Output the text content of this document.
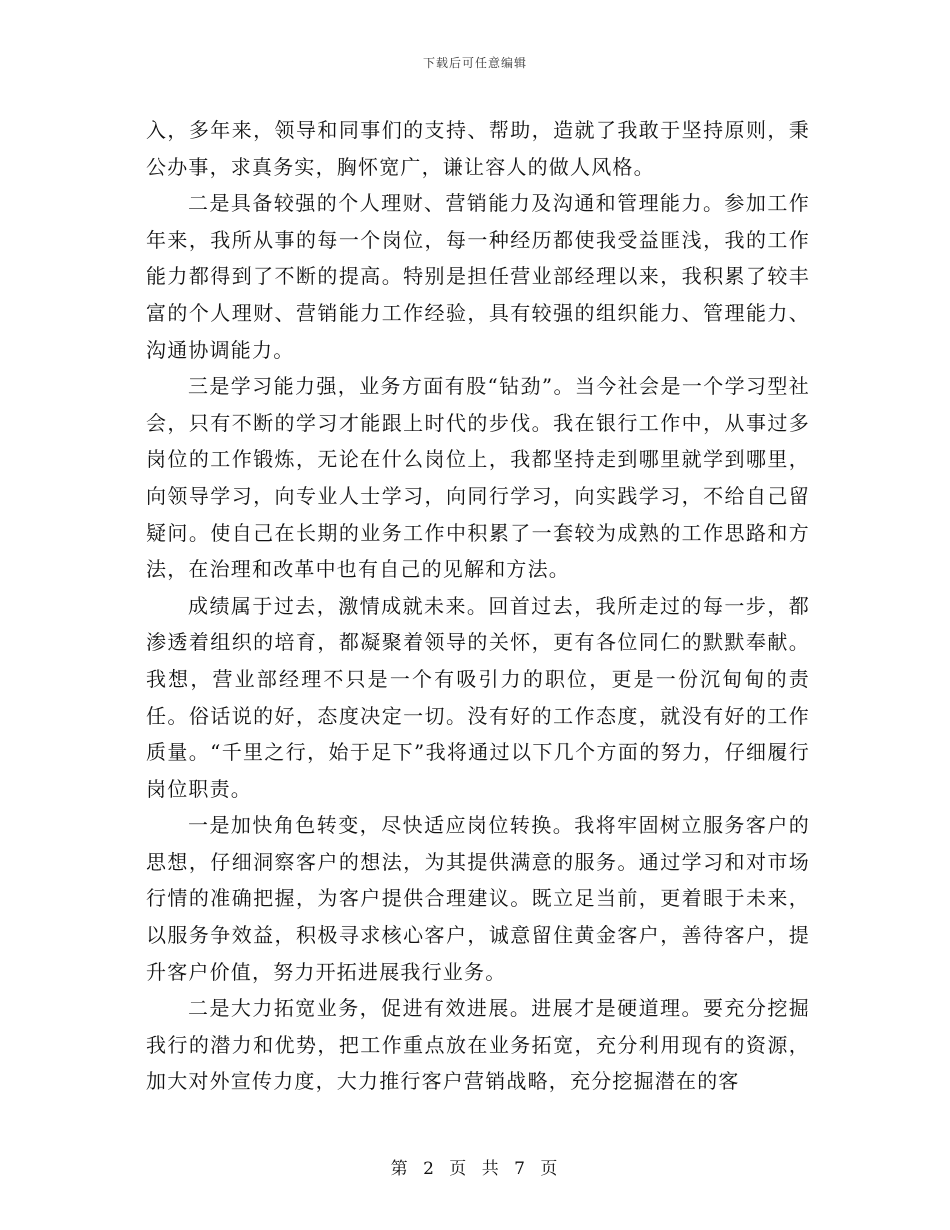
下载后可任意编辑

入，多年来，领导和同事们的支持、帮助，造就了我敢于坚持原则，秉公办事，求真务实，胸怀宽广，谦让容人的做人风格。

二是具备较强的个人理财、营销能力及沟通和管理能力。参加工作年来，我所从事的每一个岗位，每一种经历都使我受益匪浅，我的工作能力都得到了不断的提高。特别是担任营业部经理以来，我积累了较丰富的个人理财、营销能力工作经验，具有较强的组织能力、管理能力、沟通协调能力。

三是学习能力强，业务方面有股“钻劲”。当今社会是一个学习型社会，只有不断的学习才能跟上时代的步伐。我在银行工作中，从事过多岗位的工作锻炼，无论在什么岗位上，我都坚持走到哪里就学到哪里，向领导学习，向专业人士学习，向同行学习，向实践学习，不给自己留疑问。使自己在长期的业务工作中积累了一套较为成熟的工作思路和方法，在治理和改革中也有自己的见解和方法。

成绩属于过去，激情成就未来。回首过去，我所走过的每一步，都渗透着组织的培育，都凝聚着领导的关怀，更有各位同仁的默默奉献。我想，营业部经理不只是一个有吸引力的职位，更是一份沉甸甸的责任。俗话说的好，态度决定一切。没有好的工作态度，就没有好的工作质量。“千里之行，始于足下”我将通过以下几个方面的努力，仔细履行岗位职责。

一是加快角色转变，尽快适应岗位转换。我将牢固树立服务客户的思想，仔细洞察客户的想法，为其提供满意的服务。通过学习和对市场行情的准确把握，为客户提供合理建议。既立足当前，更着眼于未来，以服务争效益，积极寻求核心客户，诚意留住黄金客户，善待客户，提升客户价值，努力开拓进展我行业务。

二是大力拓宽业务，促进有效进展。进展才是硬道理。要充分挖掘我行的潜力和优势，把工作重点放在业务拓宽，充分利用现有的资源，加大对外宣传力度，大力推行客户营销战略，充分挖掘潜在的客

第 2 页 共 7 页
